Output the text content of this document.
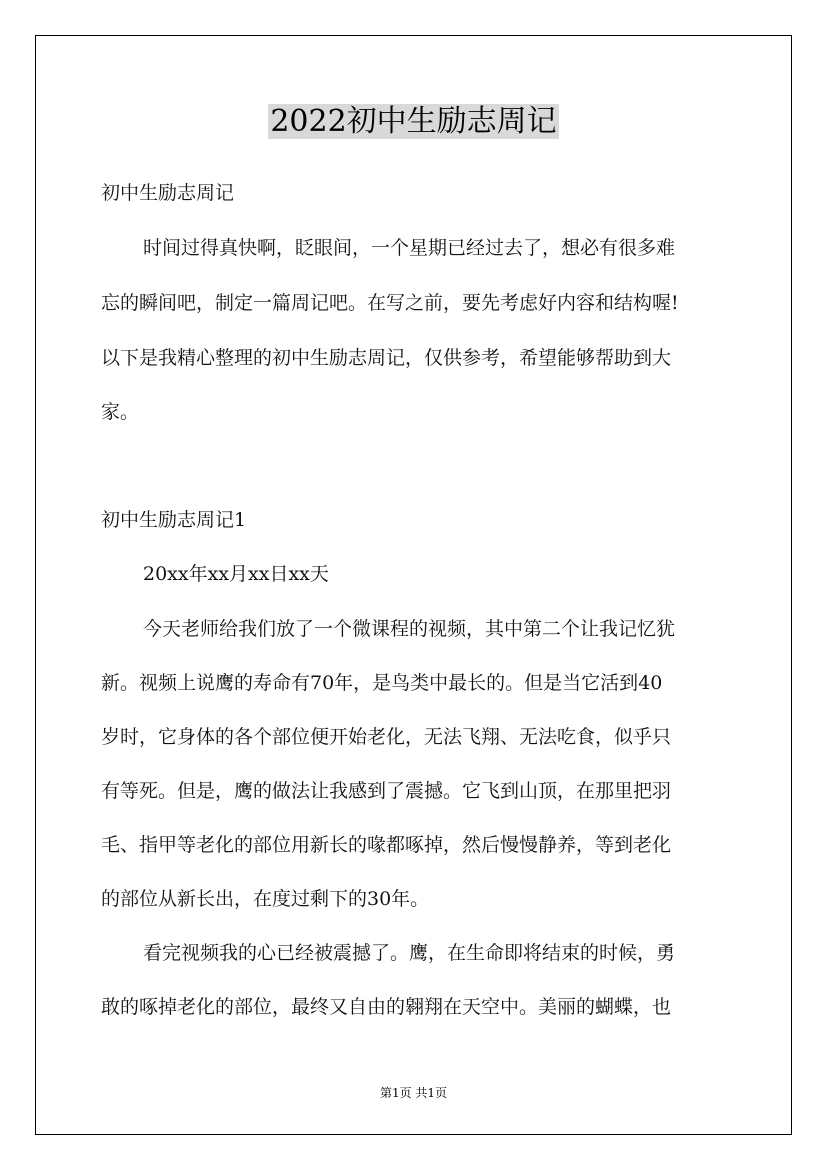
2022初中生励志周记
初中生励志周记
时间过得真快啊，眨眼间，一个星期已经过去了，想必有很多难
忘的瞬间吧，制定一篇周记吧。在写之前，要先考虑好内容和结构喔!
以下是我精心整理的初中生励志周记，仅供参考，希望能够帮助到大
家。
初中生励志周记1
20xx年xx月xx日xx天
今天老师给我们放了一个微课程的视频，其中第二个让我记忆犹
新。视频上说鹰的寿命有70年，是鸟类中最长的。但是当它活到40
岁时，它身体的各个部位便开始老化，无法飞翔、无法吃食，似乎只
有等死。但是，鹰的做法让我感到了震撼。它飞到山顶，在那里把羽
毛、指甲等老化的部位用新长的喙都啄掉，然后慢慢静养，等到老化
的部位从新长出，在度过剩下的30年。
看完视频我的心已经被震撼了。鹰，在生命即将结束的时候，勇
敢的啄掉老化的部位，最终又自由的翱翔在天空中。美丽的蝴蝶，也
第1页 共1页
